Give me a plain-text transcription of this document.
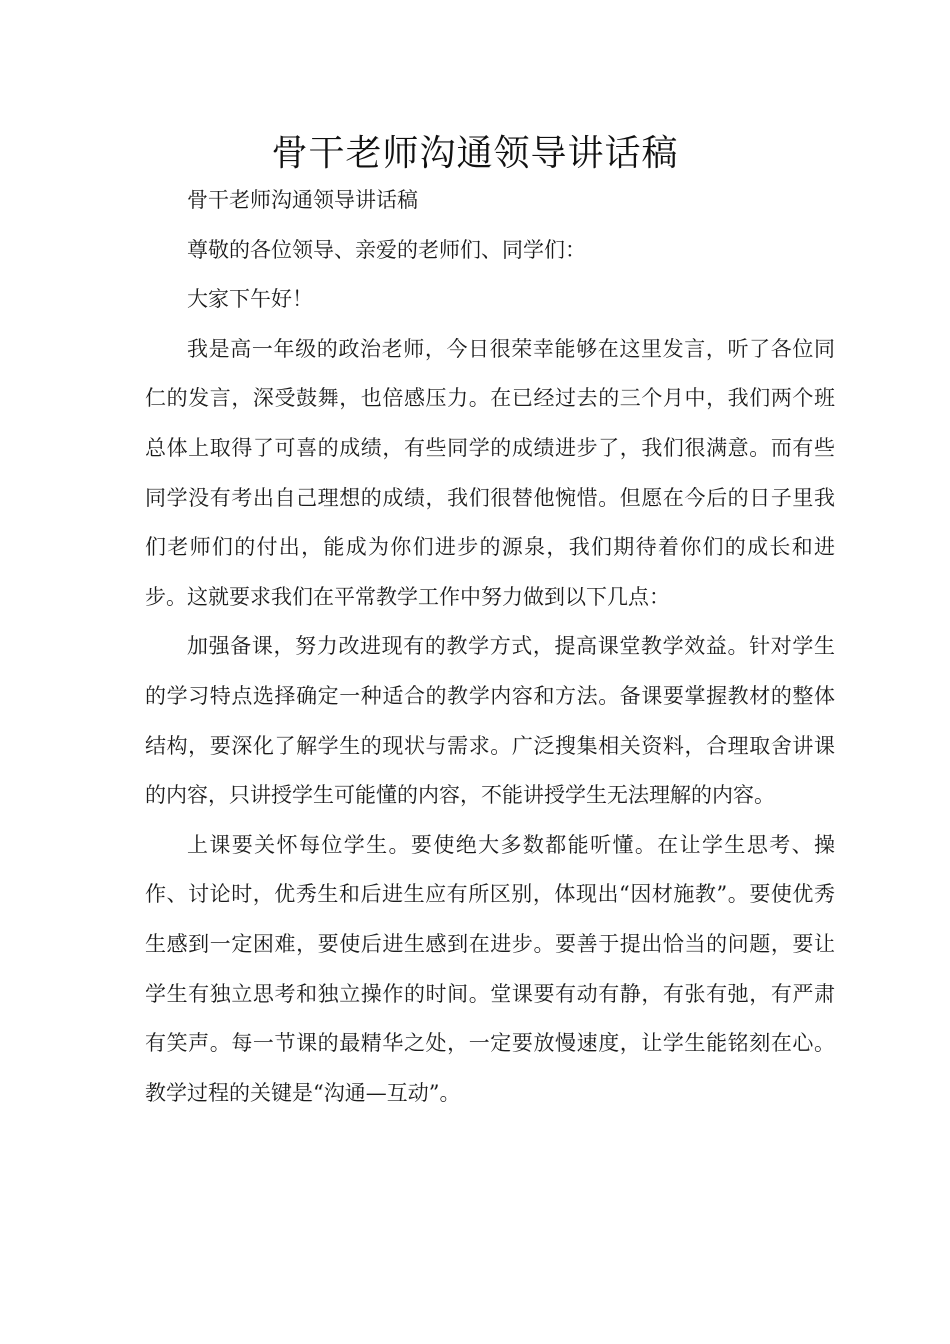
骨干老师沟通领导讲话稿

骨干老师沟通领导讲话稿

尊敬的各位领导、亲爱的老师们、同学们：

大家下午好！

我是高一年级的政治老师，今日很荣幸能够在这里发言，听了各位同仁的发言，深受鼓舞，也倍感压力。在已经过去的三个月中，我们两个班总体上取得了可喜的成绩，有些同学的成绩进步了，我们很满意。而有些同学没有考出自己理想的成绩，我们很替他惋惜。但愿在今后的日子里我们老师们的付出，能成为你们进步的源泉，我们期待着你们的成长和进步。这就要求我们在平常教学工作中努力做到以下几点：

加强备课，努力改进现有的教学方式，提高课堂教学效益。针对学生的学习特点选择确定一种适合的教学内容和方法。备课要掌握教材的整体结构，要深化了解学生的现状与需求。广泛搜集相关资料，合理取舍讲课的内容，只讲授学生可能懂的内容，不能讲授学生无法理解的内容。

上课要关怀每位学生。要使绝大多数都能听懂。在让学生思考、操作、讨论时，优秀生和后进生应有所区别，体现出“因材施教”。要使优秀生感到一定困难，要使后进生感到在进步。要善于提出恰当的问题，要让学生有独立思考和独立操作的时间。堂课要有动有静，有张有弛，有严肃有笑声。每一节课的最精华之处，一定要放慢速度，让学生能铭刻在心。教学过程的关键是“沟通—互动”。
